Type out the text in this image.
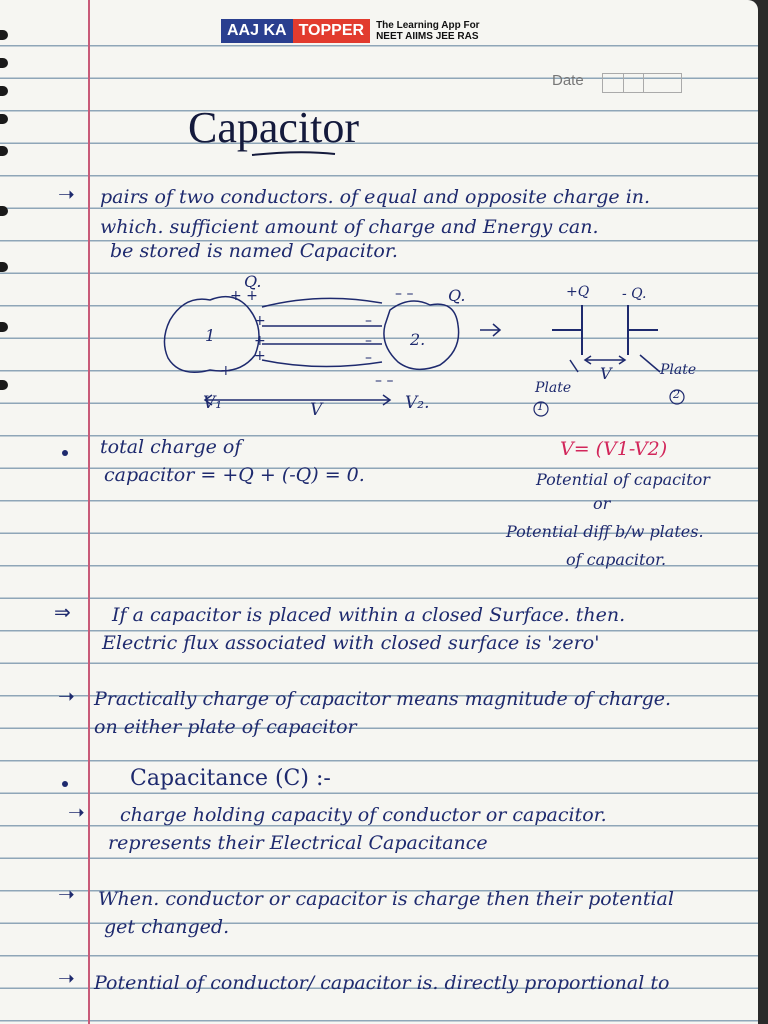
AAJ KA TOPPER	The Learning App For
NEET AIIMS JEE RAS
Date
Capacitor
➝ pairs of two conductors. of equal and opposite charge in.
which. sufficient amount of charge and Energy can.
be stored is named Capacitor.
+ +
+
+
+
+
–
–
–
– –
– –
Q.
Q.
1	2.
V₁	V	V₂.
+Q - Q.
V
Plate
1
Plate
2
total charge of
capacitor = +Q + (-Q) = 0.
V= (V1-V2)
Potential of capacitor
or
Potential diff b/w plates.
of capacitor.
⇒ If a capacitor is placed within a closed Surface. then.
Electric flux associated with closed surface is 'zero'
➝ Practically charge of capacitor means magnitude of charge.
on either plate of capacitor
Capacitance (C) :-
➝ charge holding capacity of conductor or capacitor.
represents their Electrical Capacitance
➝ When. conductor or capacitor is charge then their potential
get changed.
➝ Potential of conductor/ capacitor is. directly proportional to
